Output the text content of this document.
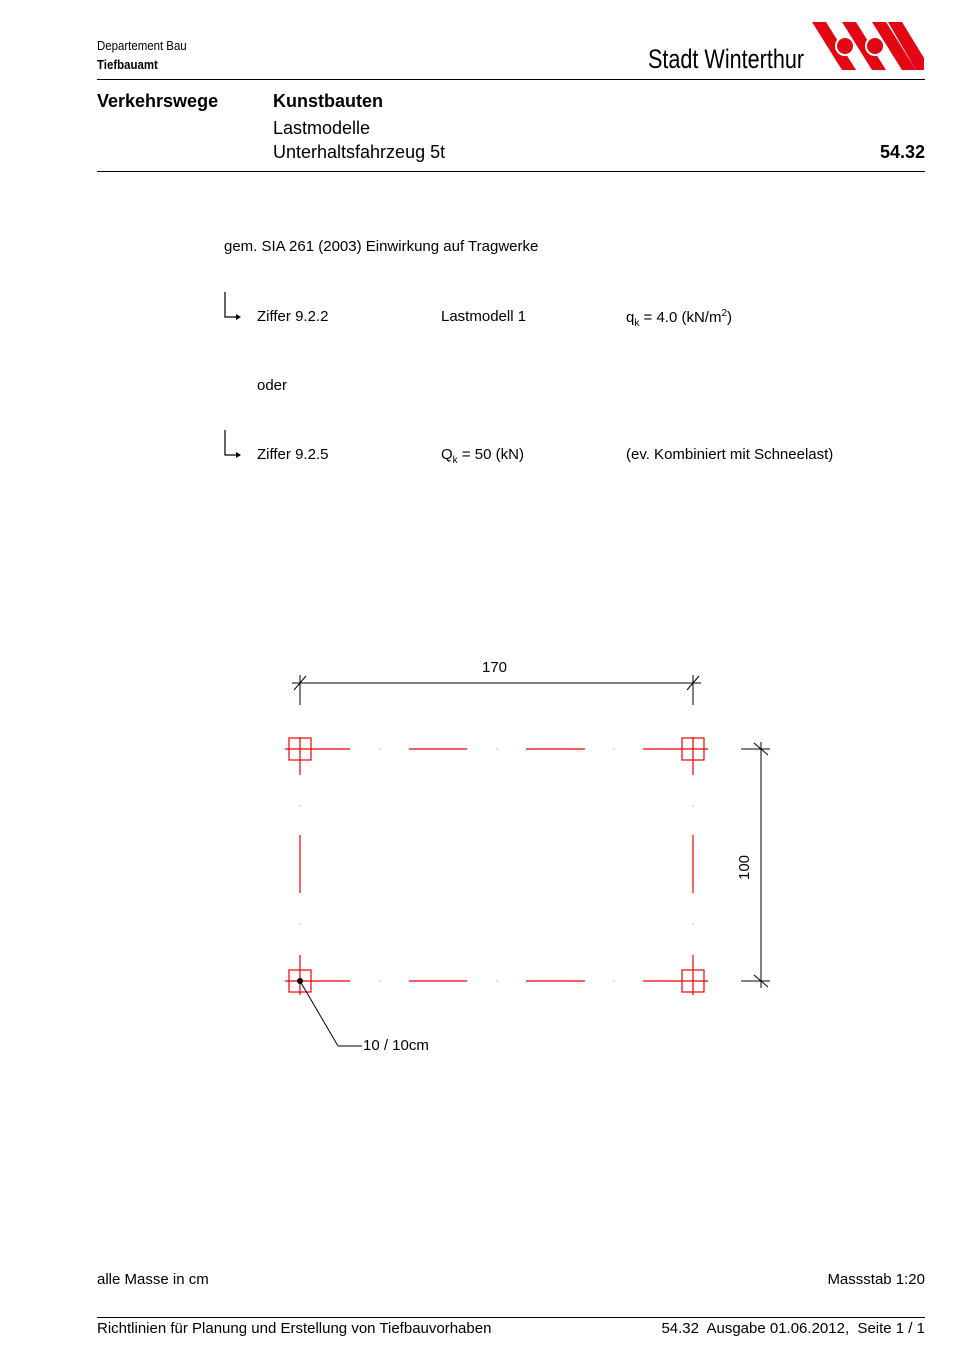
Departement Bau
Tiefbauamt	Stadt Winterthur
Verkehrswege	Kunstbauten
Lastmodelle
Unterhaltsfahrzeug 5t	54.32
gem. SIA 261 (2003) Einwirkung auf Tragwerke
Ziffer 9.2.2	Lastmodell 1	$q_k = 4.0$ $(kN/m^2)$
oder
Ziffer 9.2.5	$Q_k = 50$ (kN)	(ev. Kombiniert mit Schneelast)
170
100
10 / 10cm
alle Masse in cm	Massstab 1:20
Richtlinien für Planung und Erstellung von Tiefbauvorhaben	54.32  Ausgabe 01.06.2012,  Seite 1 / 1
